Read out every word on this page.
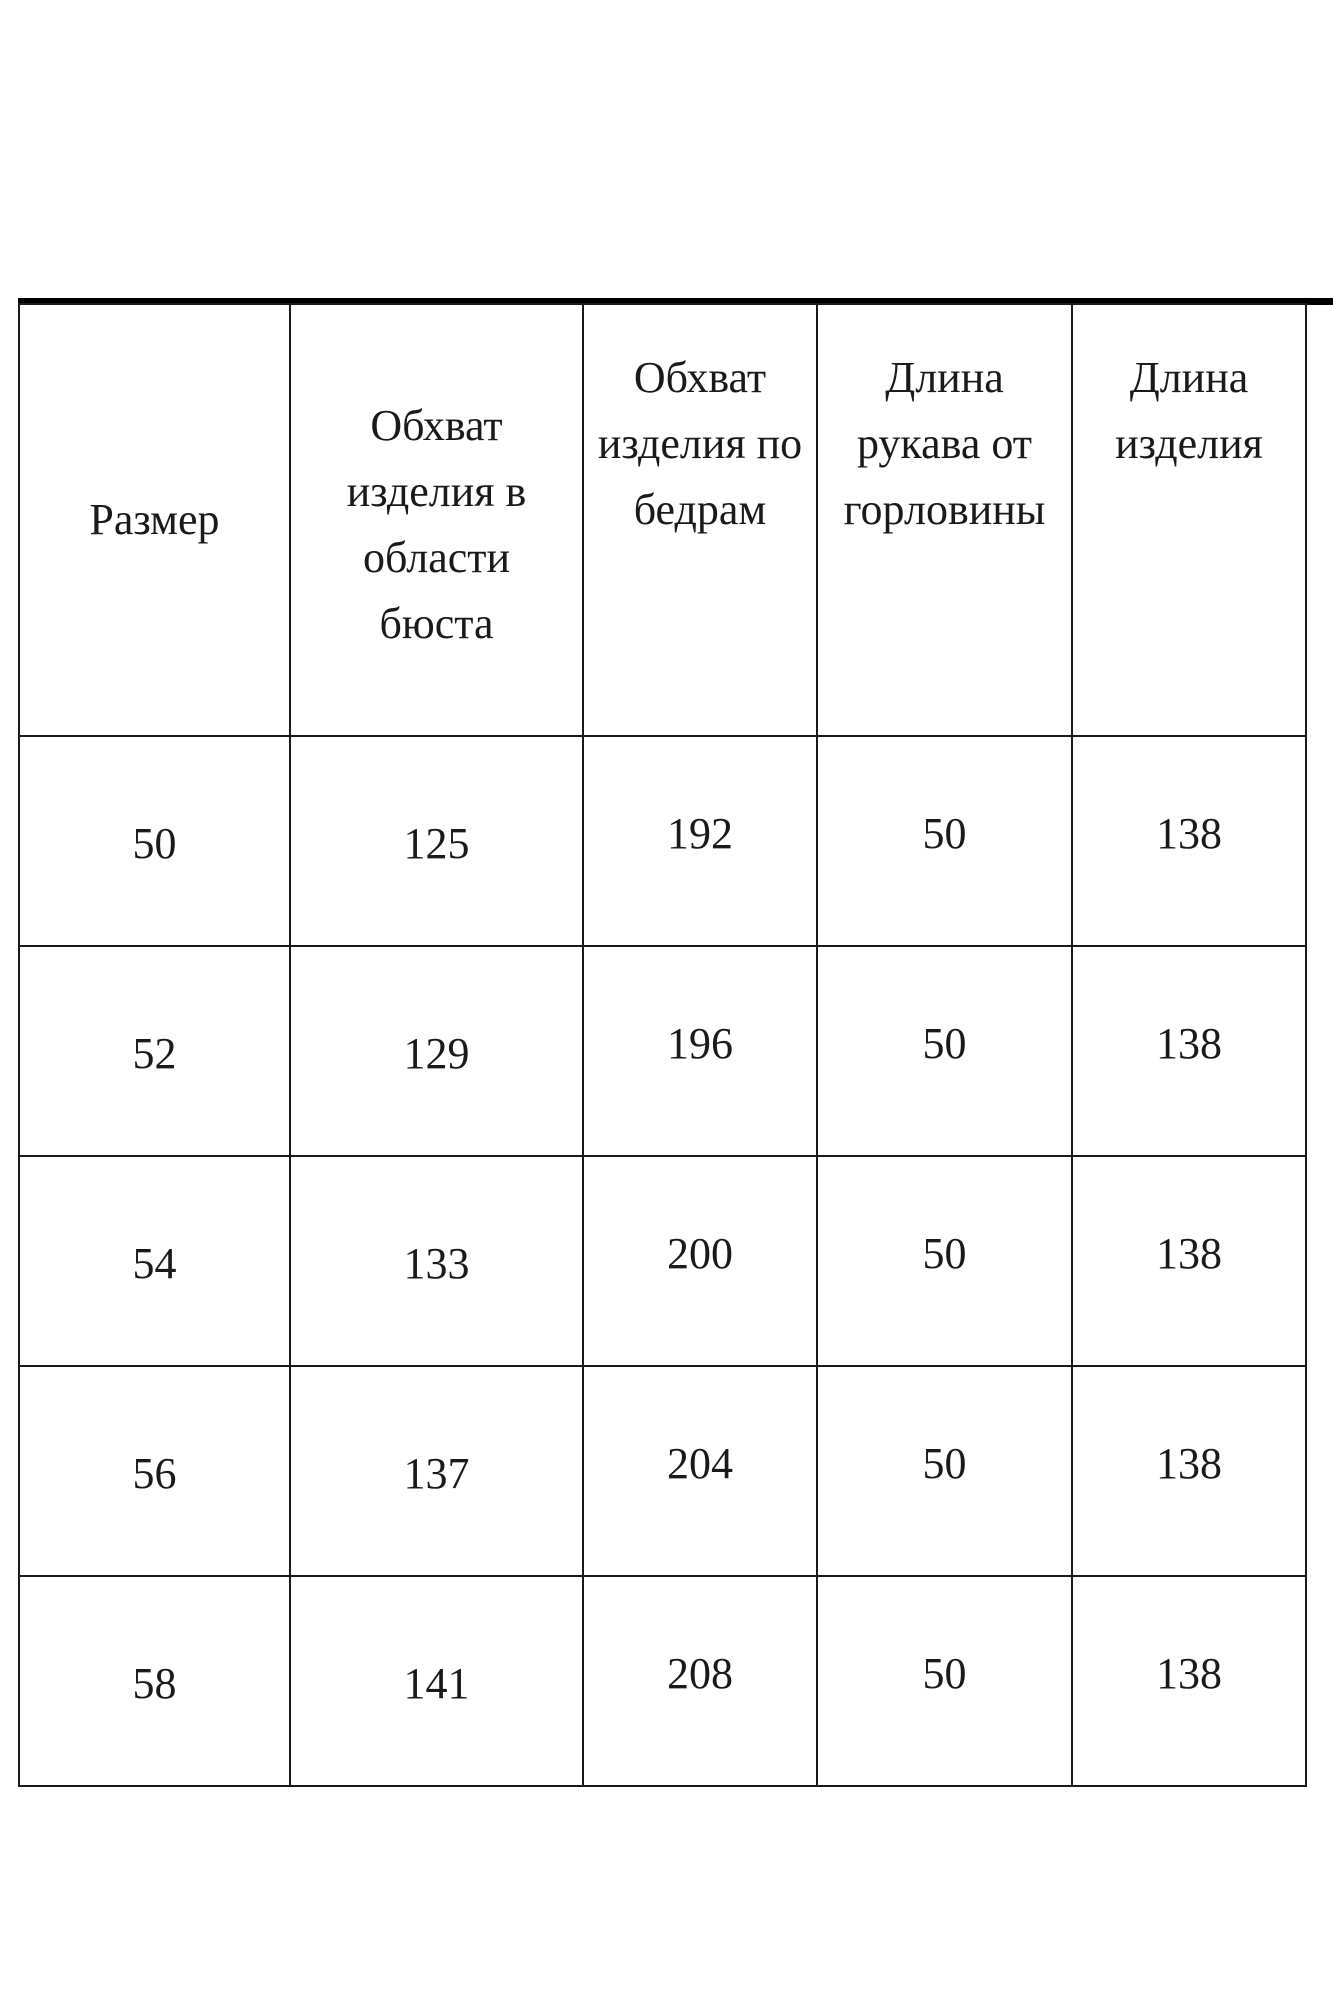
Размер	Обхват изделия в области бюста	Обхват изделия по бедрам	Длина рукава от горловины	Длина изделия
50	125	192	50	138
52	129	196	50	138
54	133	200	50	138
56	137	204	50	138
58	141	208	50	138
